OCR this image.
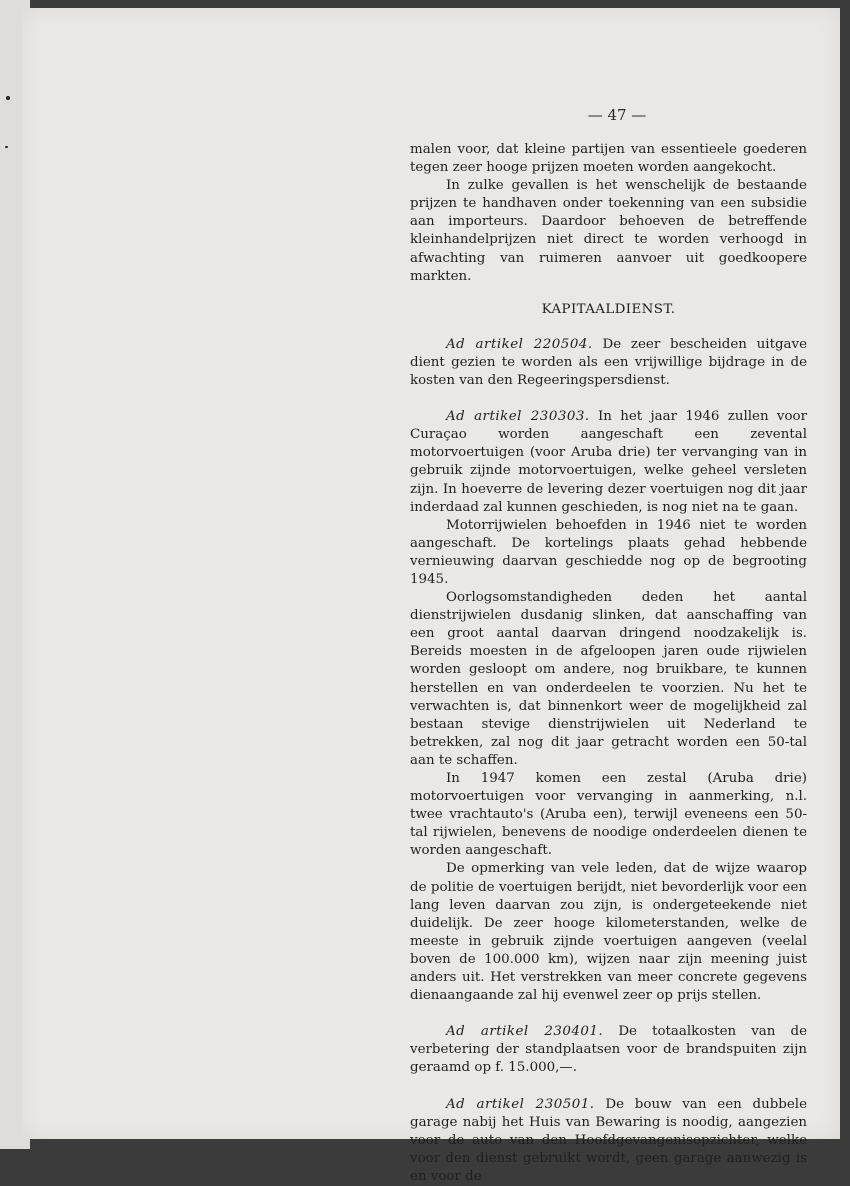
— 47 —

malen voor, dat kleine partijen van essentieele goederen tegen zeer hooge prijzen moeten worden aangekocht.

In zulke gevallen is het wenschelijk de bestaande prijzen te handhaven onder toekenning van een subsidie aan importeurs. Daardoor behoeven de betreffende kleinhandelprijzen niet direct te worden verhoogd in afwachting van ruimeren aanvoer uit goedkoopere markten.

KAPITAALDIENST.

Ad artikel 220504. De zeer bescheiden uitgave dient gezien te worden als een vrijwillige bijdrage in de kosten van den Regeeringspersdienst.

Ad artikel 230303. In het jaar 1946 zullen voor Curaçao worden aangeschaft een zevental motorvoertuigen (voor Aruba drie) ter vervanging van in gebruik zijnde motorvoertuigen, welke geheel versleten zijn. In hoeverre de levering dezer voertuigen nog dit jaar inderdaad zal kunnen geschieden, is nog niet na te gaan.

Motorrijwielen behoefden in 1946 niet te worden aangeschaft. De kortelings plaats gehad hebbende vernieuwing daarvan geschiedde nog op de begrooting 1945.

Oorlogsomstandigheden deden het aantal dienstrijwielen dusdanig slinken, dat aanschaffing van een groot aantal daarvan dringend noodzakelijk is. Bereids moesten in de afgeloopen jaren oude rijwielen worden gesloopt om andere, nog bruikbare, te kunnen herstellen en van onderdeelen te voorzien. Nu het te verwachten is, dat binnenkort weer de mogelijkheid zal bestaan stevige dienstrijwielen uit Nederland te betrekken, zal nog dit jaar getracht worden een 50-tal aan te schaffen.

In 1947 komen een zestal (Aruba drie) motorvoertuigen voor vervanging in aanmerking, n.l. twee vrachtauto's (Aruba een), terwijl eveneens een 50-tal rijwielen, benevens de noodige onderdeelen dienen te worden aangeschaft.

De opmerking van vele leden, dat de wijze waarop de politie de voertuigen berijdt, niet bevorderlijk voor een lang leven daarvan zou zijn, is ondergeteekende niet duidelijk. De zeer hooge kilometerstanden, welke de meeste in gebruik zijnde voertuigen aangeven (veelal boven de 100.000 km), wijzen naar zijn meening juist anders uit. Het verstrekken van meer concrete gegevens dienaangaande zal hij evenwel zeer op prijs stellen.

Ad artikel 230401. De totaalkosten van de verbetering der standplaatsen voor de brandspuiten zijn geraamd op f. 15.000,—.

Ad artikel 230501. De bouw van een dubbele garage nabij het Huis van Bewaring is noodig, aangezien voor de auto van den Hoofdgevangenisopzichter, welke voor den dienst gebruikt wordt, geen garage aanwezig is en voor de
